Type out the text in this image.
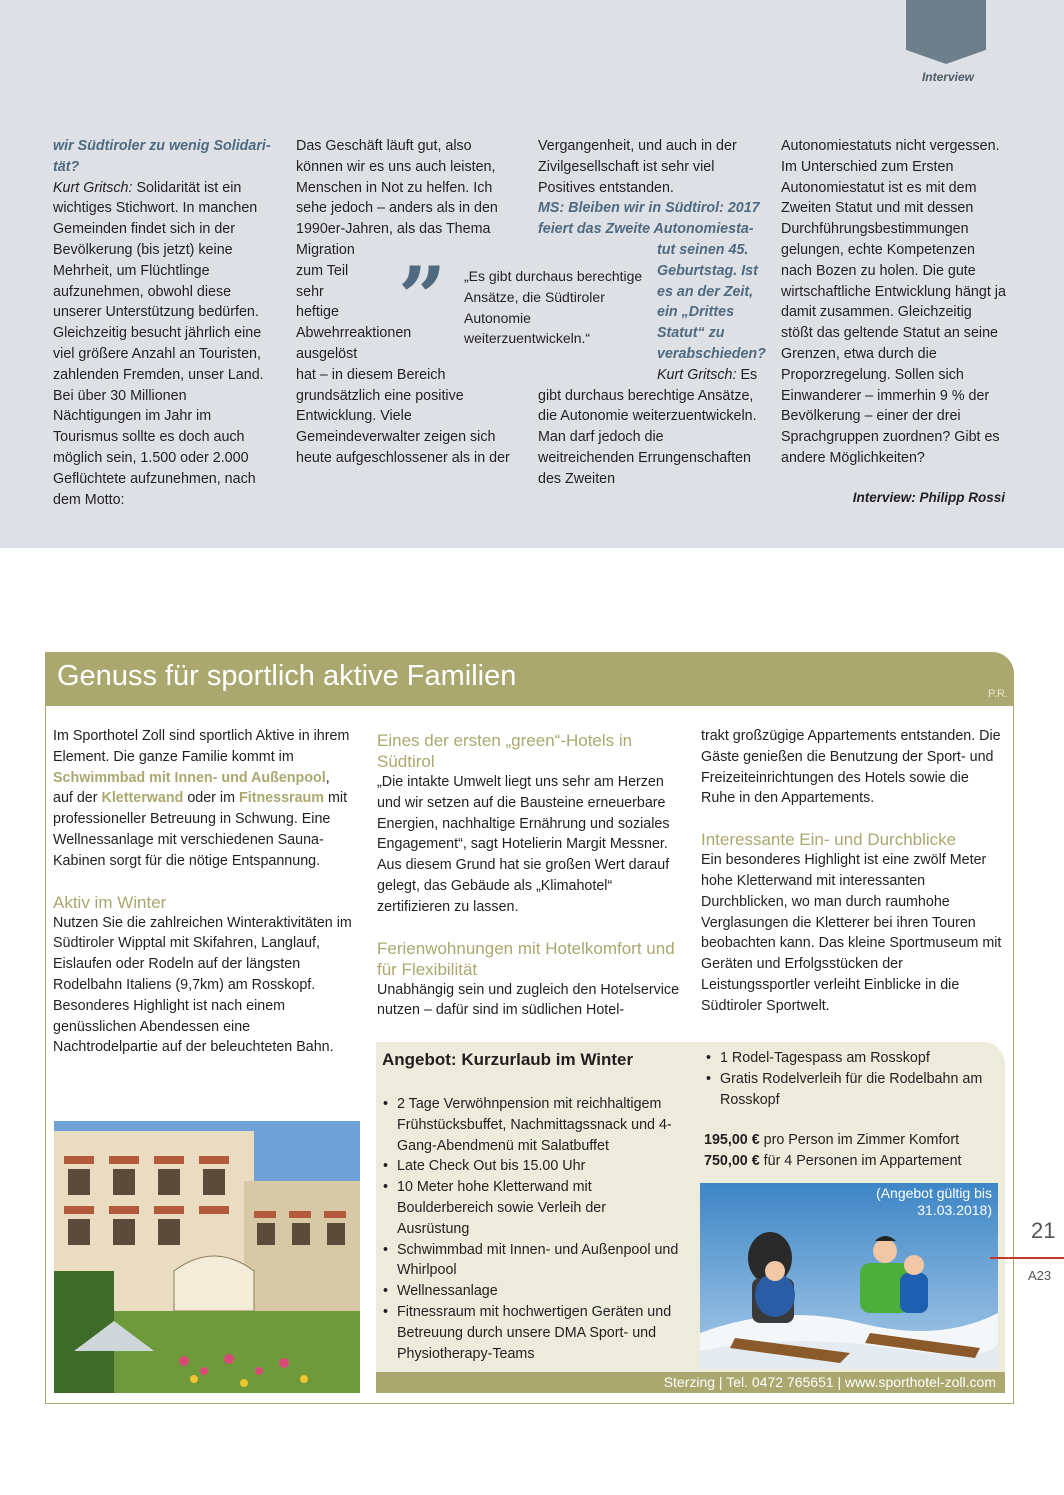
Interview

wir Südtiroler zu wenig Solidari-tät?

Kurt Gritsch: Solidarität ist ein wichtiges Stichwort. In manchen Gemeinden findet sich in der Bevölkerung (bis jetzt) keine Mehrheit, um Flüchtlinge aufzunehmen, obwohl diese unserer Unterstützung bedürfen. Gleichzeitig besucht jährlich eine viel größere Anzahl an Touristen, zahlenden Fremden, unser Land. Bei über 30 Millionen Nächtigungen im Jahr im Tourismus sollte es doch auch möglich sein, 1.500 oder 2.000 Geflüchtete aufzunehmen, nach dem Motto:

Das Geschäft läuft gut, also können wir es uns auch leisten, Menschen in Not zu helfen. Ich sehe jedoch – anders als in den 1990er-Jahren, als das Thema

Migration zum Teil sehr heftige Abwehrreaktionen ausgelöst

hat – in diesem Bereich grundsätzlich eine positive Entwicklung. Viele Gemeindeverwalter zeigen sich heute aufgeschlossener als in der

Vergangenheit, und auch in der Zivilgesellschaft ist sehr viel Positives entstanden.

MS: Bleiben wir in Südtirol: 2017 feiert das Zweite Autonomiesta-

tut seinen 45. Geburtstag. Ist es an der Zeit, ein „Drittes Statut“ zu verabschieden?

Kurt Gritsch: Es

gibt durchaus berechtige Ansätze, die Autonomie weiterzuentwickeln. Man darf jedoch die weitreichenden Errungenschaften des Zweiten

Autonomiestatuts nicht vergessen. Im Unterschied zum Ersten Autonomiestatut ist es mit dem Zweiten Statut und mit dessen Durchführungsbestimmungen gelungen, echte Kompetenzen nach Bozen zu holen. Die gute wirtschaftliche Entwicklung hängt ja damit zusammen. Gleichzeitig stößt das geltende Statut an seine Grenzen, etwa durch die Proporzregelung. Sollen sich Einwanderer – immerhin 9 % der Bevölkerung – einer der drei Sprachgruppen zuordnen? Gibt es andere Möglichkeiten?

” „Es gibt durchaus berechtige Ansätze, die Südtiroler Autonomie weiterzuentwickeln.“
Interview: Philipp Rossi
Genuss für sportlich aktive Familien
P.R.

Im Sporthotel Zoll sind sportlich Aktive in ihrem Element. Die ganze Familie kommt im Schwimmbad mit Innen- und Außenpool, auf der Kletterwand oder im Fitnessraum mit professioneller Betreuung in Schwung. Eine Wellnessanlage mit verschiedenen Sauna-Kabinen sorgt für die nötige Entspannung.

Aktiv im Winter

Nutzen Sie die zahlreichen Winteraktivitäten im Südtiroler Wipptal mit Skifahren, Langlauf, Eislaufen oder Rodeln auf der längsten Rodelbahn Italiens (9,7km) am Rosskopf. Besonderes Highlight ist nach einem genüsslichen Abendessen eine Nachtrodelpartie auf der beleuchteten Bahn.

Eines der ersten „green“-Hotels in Südtirol

„Die intakte Umwelt liegt uns sehr am Herzen und wir setzen auf die Bausteine erneuerbare Energien, nachhaltige Ernährung und soziales Engagement“, sagt Hotelierin Margit Messner. Aus diesem Grund hat sie großen Wert darauf gelegt, das Gebäude als „Klimahotel“ zertifizieren zu lassen.

Ferienwohnungen mit Hotelkomfort und für Flexibilität

Unabhängig sein und zugleich den Hotelservice nutzen – dafür sind im südlichen Hotel-

trakt großzügige Appartements entstanden. Die Gäste genießen die Benutzung der Sport- und Freizeiteinrichtungen des Hotels sowie die Ruhe in den Appartements.

Interessante Ein- und Durchblicke

Ein besonderes Highlight ist eine zwölf Meter hohe Kletterwand mit interessanten Durchblicken, wo man durch raumhohe Verglasungen die Kletterer bei ihren Touren beobachten kann. Das kleine Sportmuseum mit Geräten und Erfolgsstücken der Leistungssportler verleiht Einblicke in die Südtiroler Sportwelt.

Angebot: Kurzurlaub im Winter
• 2 Tage Verwöhnpension mit reichhaltigem Frühstücksbuffet, Nachmittagssnack und 4-Gang-Abendmenü mit Salatbuffet
• Late Check Out bis 15.00 Uhr
• 10 Meter hohe Kletterwand mit Boulderbereich sowie Verleih der Ausrüstung
• Schwimmbad mit Innen- und Außenpool und Whirlpool
• Wellnessanlage
• Fitnessraum mit hochwertigen Geräten und Betreuung durch unsere DMA Sport- und Physiotherapy-Teams
• 1 Rodel-Tagespass am Rosskopf
• Gratis Rodelverleih für die Rodelbahn am Rosskopf

195,00 € pro Person im Zimmer Komfort

750,00 € für 4 Personen im Appartement

(Angebot gültig bis 31.03.2018)
Sterzing | Tel. 0472 765651 | www.sporthotel-zoll.com
21
A23
